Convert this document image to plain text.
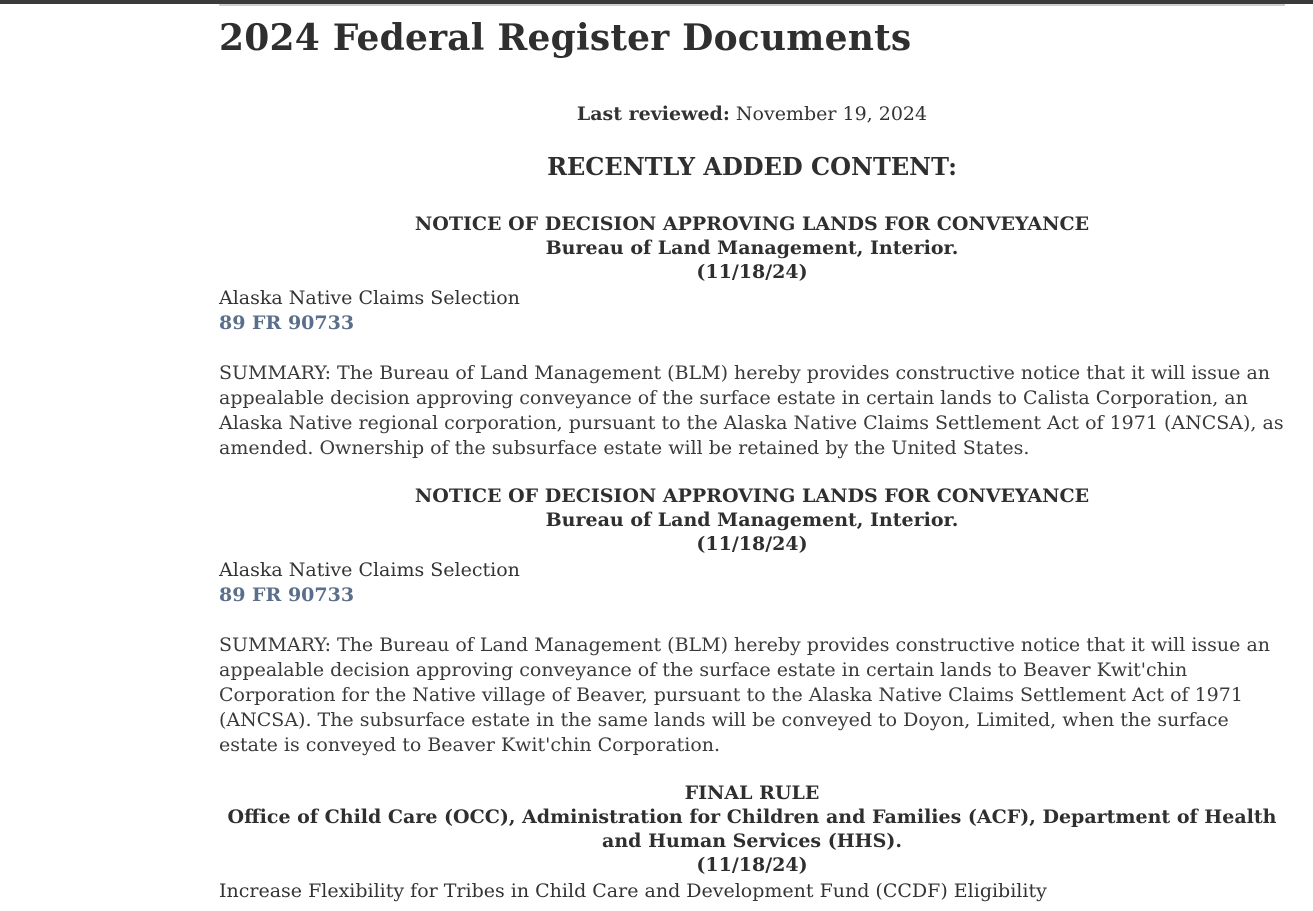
2024 Federal Register Documents
Last reviewed: November 19, 2024
RECENTLY ADDED CONTENT:
NOTICE OF DECISION APPROVING LANDS FOR CONVEYANCE
Bureau of Land Management, Interior.
(11/18/24)
Alaska Native Claims Selection
89 FR 90733
SUMMARY: The Bureau of Land Management (BLM) hereby provides constructive notice that it will issue an appealable decision approving conveyance of the surface estate in certain lands to Calista Corporation, an Alaska Native regional corporation, pursuant to the Alaska Native Claims Settlement Act of 1971 (ANCSA), as amended. Ownership of the subsurface estate will be retained by the United States.
NOTICE OF DECISION APPROVING LANDS FOR CONVEYANCE
Bureau of Land Management, Interior.
(11/18/24)
Alaska Native Claims Selection
89 FR 90733
SUMMARY: The Bureau of Land Management (BLM) hereby provides constructive notice that it will issue an appealable decision approving conveyance of the surface estate in certain lands to Beaver Kwit'chin Corporation for the Native village of Beaver, pursuant to the Alaska Native Claims Settlement Act of 1971 (ANCSA). The subsurface estate in the same lands will be conveyed to Doyon, Limited, when the surface estate is conveyed to Beaver Kwit'chin Corporation.
FINAL RULE
Office of Child Care (OCC), Administration for Children and Families (ACF), Department of Health and Human Services (HHS).
(11/18/24)
Increase Flexibility for Tribes in Child Care and Development Fund (CCDF) Eligibility
